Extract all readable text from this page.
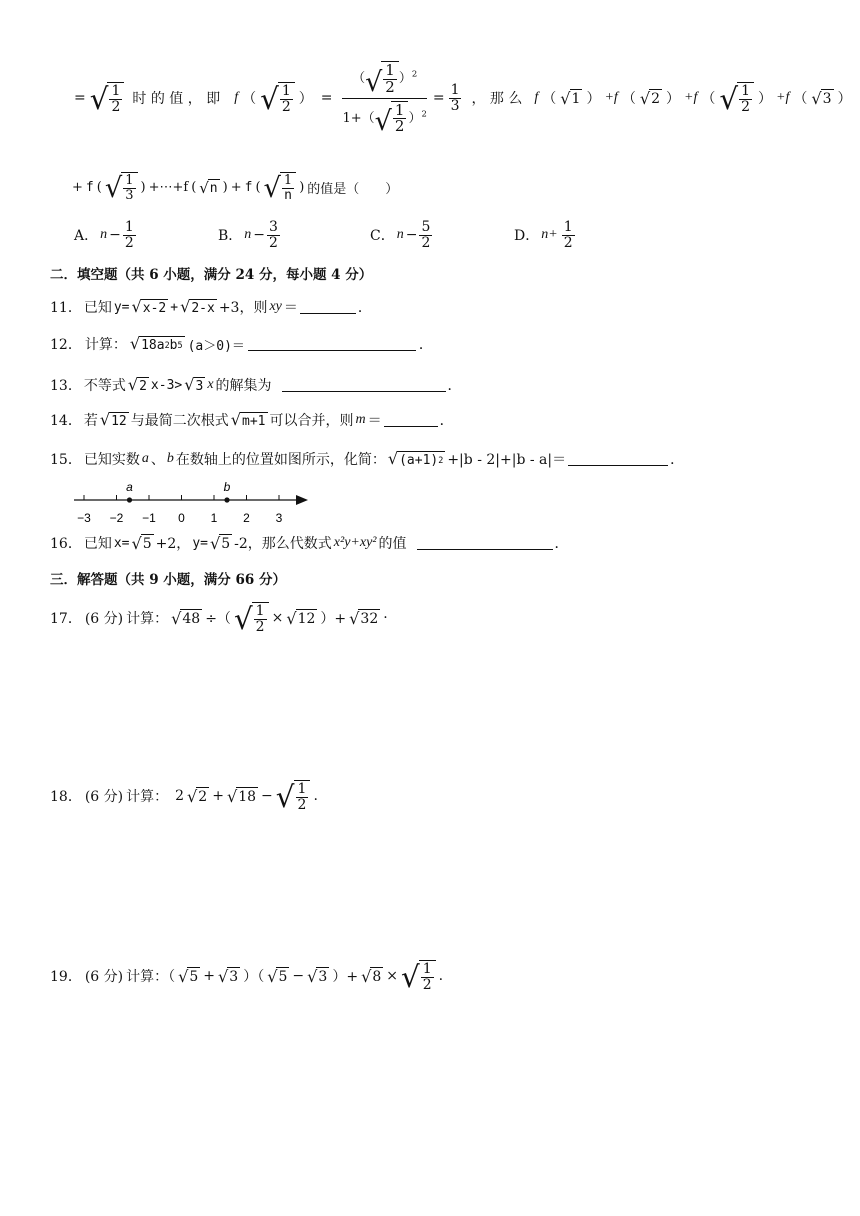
= √ 1
2 时 的 值 ， 即 f （ √ 1
2 ） = （ √ 1
2 ）$^2$
1+（ √ 1
2 ）$^2 = \frac{1}{3}$ ， 那 么 f （ √ 1 ） +f （ √ 2 ） +f （ √ 1
2 ） +f （ √ 3 ）
+ f ( √ 1
3
) +⋯+f ( √ n ) + f ( √ 1
n
) 的值是（　　）
A． $n - \frac{1}{2}$	B． $n - \frac{3}{2}$	C． $n - \frac{5}{2}$	D． n+ 1
2
二．填空题（共 6 小题，满分 24 分，每小题 4 分）
11． 已知 y= √ x-2 + √ 2-x +3，则 xy ＝	．
12． 计算： √ 18a 2 b 5 (a＞0)＝	．
13． 不等式 √ 2 x-3> √ 3 x 的解集为	．
14． 若 √ 12 与最简二次根式 √ m+1 可以合并，则 m ＝	．
15． 已知实数 a 、 b 在数轴上的位置如图所示，化简： √ (a+1) 2 +|b - 2|+|b - a|＝	．
−3 −2 −1 0 1 2 3
a	b
16． 已知 x= √ 5 +2， y= √ 5 -2，那么代数式 x²y+xy² 的值	．
三．解答题（共 9 小题，满分 66 分）
17． (6 分) 计算： √ 48 ÷（ √ 1
2
× √ 12 ）+ √ 32 ·
18． (6 分) 计算： 2 √ 2 + √ 18 − √ 1
2
.
19． (6 分) 计算：（ √ 5 + √ 3 ）（ √ 5 − √ 3 ）+ √ 8 × √ 1
2
.
